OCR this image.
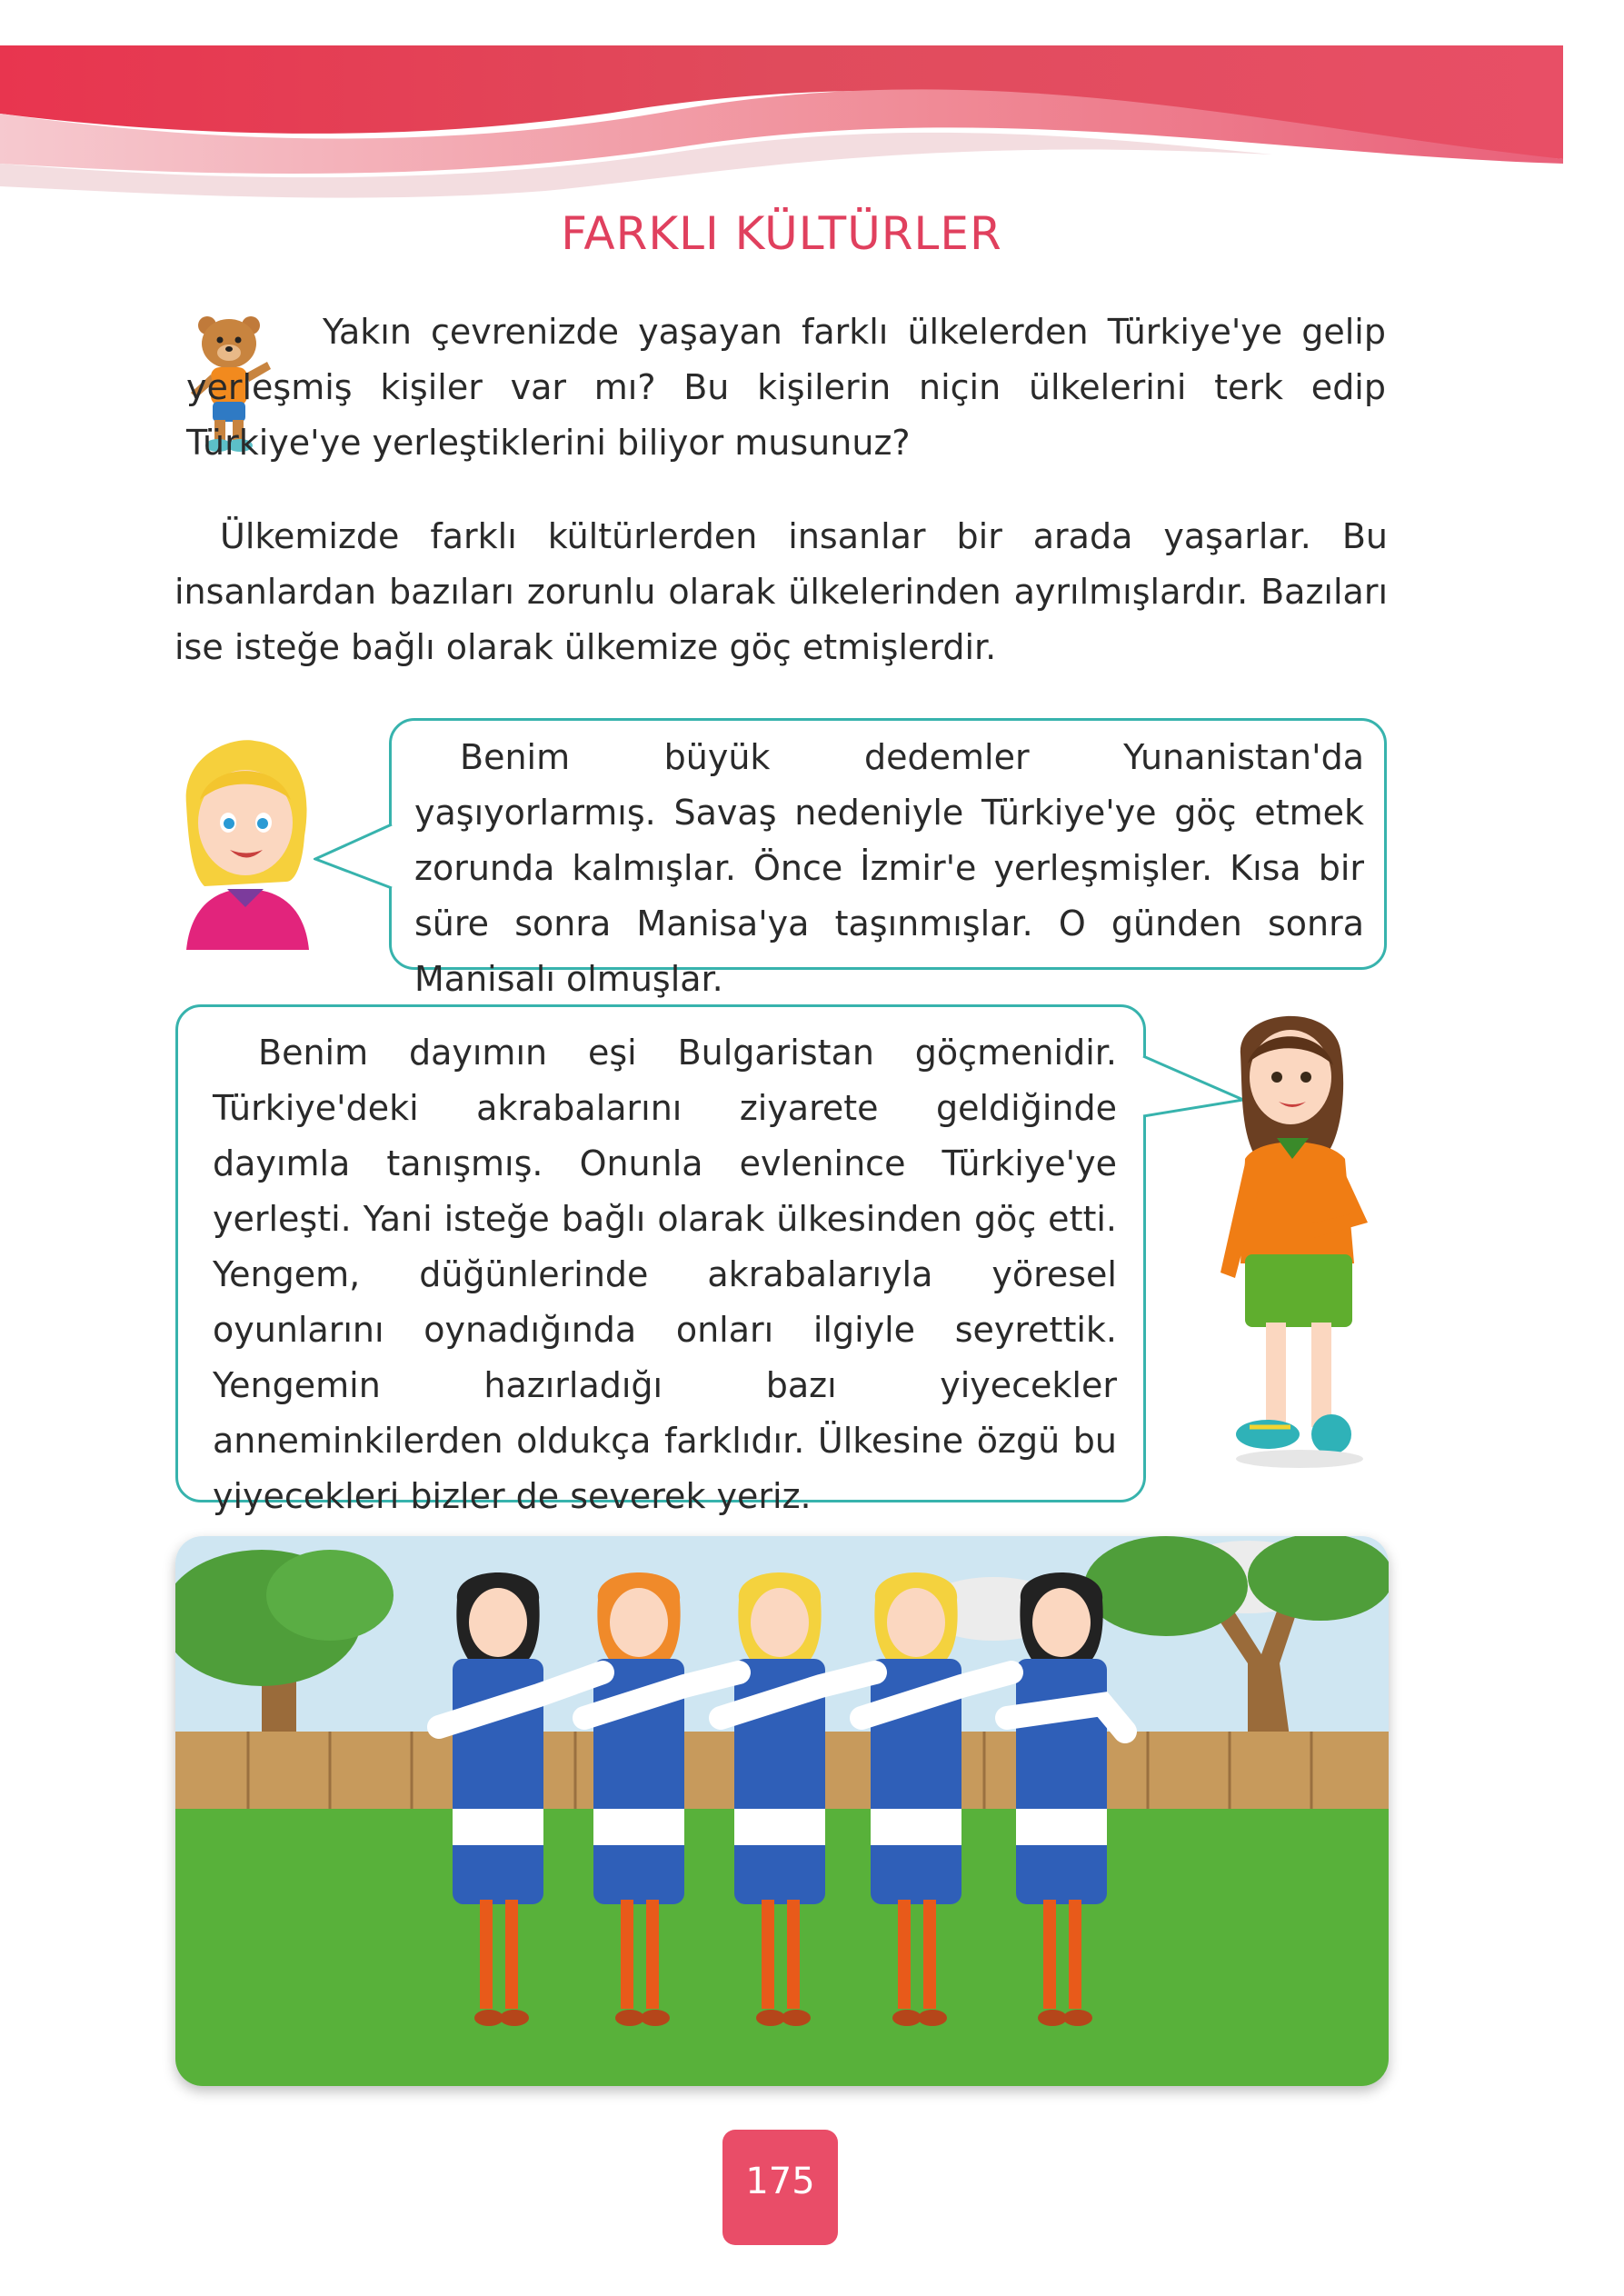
FARKLI KÜLTÜRLER
Yakın çevrenizde yaşayan farklı ülkelerden Türkiye'ye gelip yerleşmiş kişiler var mı? Bu kişilerin niçin ülkelerini terk edip Türkiye'ye yerleştiklerini biliyor musunuz?
Ülkemizde farklı kültürlerden insanlar bir arada yaşarlar. Bu insanlardan bazıları zorunlu olarak ülkelerinden ayrılmışlardır. Bazıları ise isteğe bağlı olarak ülkemize göç etmişlerdir.
Benim büyük dedemler Yunanistan'da yaşıyorlarmış. Savaş nedeniyle Türkiye'ye göç etmek zorunda kalmışlar. Önce İzmir'e yerleşmişler. Kısa bir süre sonra Manisa'ya taşınmışlar. O günden sonra Manisalı olmuşlar.
Benim dayımın eşi Bulgaristan göçmenidir. Türkiye'deki akrabalarını ziyarete geldiğinde dayımla tanışmış. Onunla evlenince Türkiye'ye yerleşti. Yani isteğe bağlı olarak ülkesinden göç etti. Yengem, düğünlerinde akrabalarıyla yöresel oyunlarını oynadığında onları ilgiyle seyrettik. Yengemin hazırladığı bazı yiyecekler anneminkilerden oldukça farklıdır. Ülkesine özgü bu yiyecekleri bizler de severek yeriz.
175
